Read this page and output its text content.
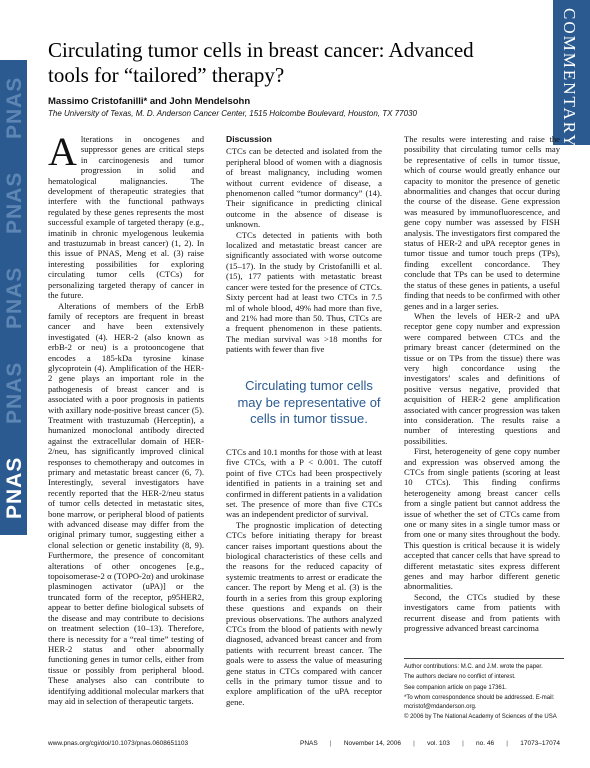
PNAS
PNAS
PNAS
PNAS
PNAS
COMMENTARY
Circulating tumor cells in breast cancer: Advanced tools for “tailored” therapy?
Massimo Cristofanilli* and John Mendelsohn
The University of Texas, M. D. Anderson Cancer Center, 1515 Holcombe Boulevard, Houston, TX 77030

Alterations in oncogenes and suppressor genes are critical steps in carcinogenesis and tumor progression in solid and hematological malignancies. The development of therapeutic strategies that interfere with the functional pathways regulated by these genes represents the most successful example of targeted therapy (e.g., imatinib in chronic myelogenous leukemia and trastuzumab in breast cancer) (1, 2). In this issue of PNAS, Meng et al. (3) raise interesting possibilities for exploring circulating tumor cells (CTCs) for personalizing targeted therapy of cancer in the future.

Alterations of members of the ErbB family of receptors are frequent in breast cancer and have been extensively investigated (4). HER-2 (also known as erbB-2 or neu) is a protooncogene that encodes a 185-kDa tyrosine kinase glycoprotein (4). Amplification of the HER-2 gene plays an important role in the pathogenesis of breast cancer and is associated with a poor prognosis in patients with axillary node-positive breast cancer (5). Treatment with trastuzumab (Herceptin), a humanized monoclonal antibody directed against the extracellular domain of HER-2/neu, has significantly improved clinical responses to chemotherapy and outcomes in primary and metastatic breast cancer (6, 7). Interestingly, several investigators have recently reported that the HER-2/neu status of tumor cells detected in metastatic sites, bone marrow, or peripheral blood of patients with advanced disease may differ from the original primary tumor, suggesting either a clonal selection or genetic instability (8, 9). Furthermore, the presence of concomitant alterations of other oncogenes [e.g., topoisomerase-2 α (TOPO-2α) and urokinase plasminogen activator (uPA)] or the truncated form of the receptor, p95HER2, appear to better define biological subsets of the disease and may contribute to decisions on treatment selection (10–13). Therefore, there is necessity for a “real time” testing of HER-2 status and other abnormally functioning genes in tumor cells, either from tissue or possibly from peripheral blood. These analyses also can contribute to identifying additional molecular markers that may aid in selection of therapeutic targets.

Discussion

CTCs can be detected and isolated from the peripheral blood of women with a diagnosis of breast malignancy, including women without current evidence of disease, a phenomenon called “tumor dormancy” (14). Their significance in predicting clinical outcome in the absence of disease is unknown.

CTCs detected in patients with both localized and metastatic breast cancer are significantly associated with worse outcome (15–17). In the study by Cristofanilli et al. (15), 177 patients with metastatic breast cancer were tested for the presence of CTCs. Sixty percent had at least two CTCs in 7.5 ml of whole blood, 49% had more than five, and 21% had more than 50. Thus, CTCs are a frequent phenomenon in these patients. The median survival was >18 months for patients with fewer than five

Circulating tumor cells may be representative of cells in tumor tissue.

CTCs and 10.1 months for those with at least five CTCs, with a P < 0.001. The cutoff point of five CTCs had been prospectively identified in patients in a training set and confirmed in different patients in a validation set. The presence of more than five CTCs was an independent predictor of survival.

The prognostic implication of detecting CTCs before initiating therapy for breast cancer raises important questions about the biological characteristics of these cells and the reasons for the reduced capacity of systemic treatments to arrest or eradicate the cancer. The report by Meng et al. (3) is the fourth in a series from this group exploring these questions and expands on their previous observations. The authors analyzed CTCs from the blood of patients with newly diagnosed, advanced breast cancer and from patients with recurrent breast cancer. The goals were to assess the value of measuring gene status in CTCs compared with cancer cells in the primary tumor tissue and to explore amplification of the uPA receptor gene.

The results were interesting and raise the possibility that circulating tumor cells may be representative of cells in tumor tissue, which of course would greatly enhance our capacity to monitor the presence of genetic abnormalities and changes that occur during the course of the disease. Gene expression was measured by immunofluorescence, and gene copy number was assessed by FISH analysis. The investigators first compared the status of HER-2 and uPA receptor genes in tumor tissue and tumor touch preps (TPs), finding excellent concordance. They conclude that TPs can be used to determine the status of these genes in patients, a useful finding that needs to be confirmed with other genes and in a larger series.

When the levels of HER-2 and uPA receptor gene copy number and expression were compared between CTCs and the primary breast cancer (determined on the tissue or on TPs from the tissue) there was very high concordance using the investigators’ scales and definitions of positive versus negative, provided that acquisition of HER-2 gene amplification associated with cancer progression was taken into consideration. The results raise a number of interesting questions and possibilities.

First, heterogeneity of gene copy number and expression was observed among the CTCs from single patients (scoring at least 10 CTCs). This finding confirms heterogeneity among breast cancer cells from a single patient but cannot address the issue of whether the set of CTCs came from one or many sites in a single tumor mass or from one or many sites throughout the body. This question is critical because it is widely accepted that cancer cells that have spread to different metastatic sites express different genes and may harbor different genetic abnormalities.

Second, the CTCs studied by these investigators came from patients with recurrent disease and from patients with progressive advanced breast carcinoma

Author contributions: M.C. and J.M. wrote the paper.
The authors declare no conflict of interest.
See companion article on page 17361.
*To whom correspondence should be addressed. E-mail: mcristof@mdanderson.org.
© 2006 by The National Academy of Sciences of the USA
www.pnas.org/cgi/doi/10.1073/pnas.0608651103	PNAS | November 14, 2006 | vol. 103 | no. 46 | 17073–17074
